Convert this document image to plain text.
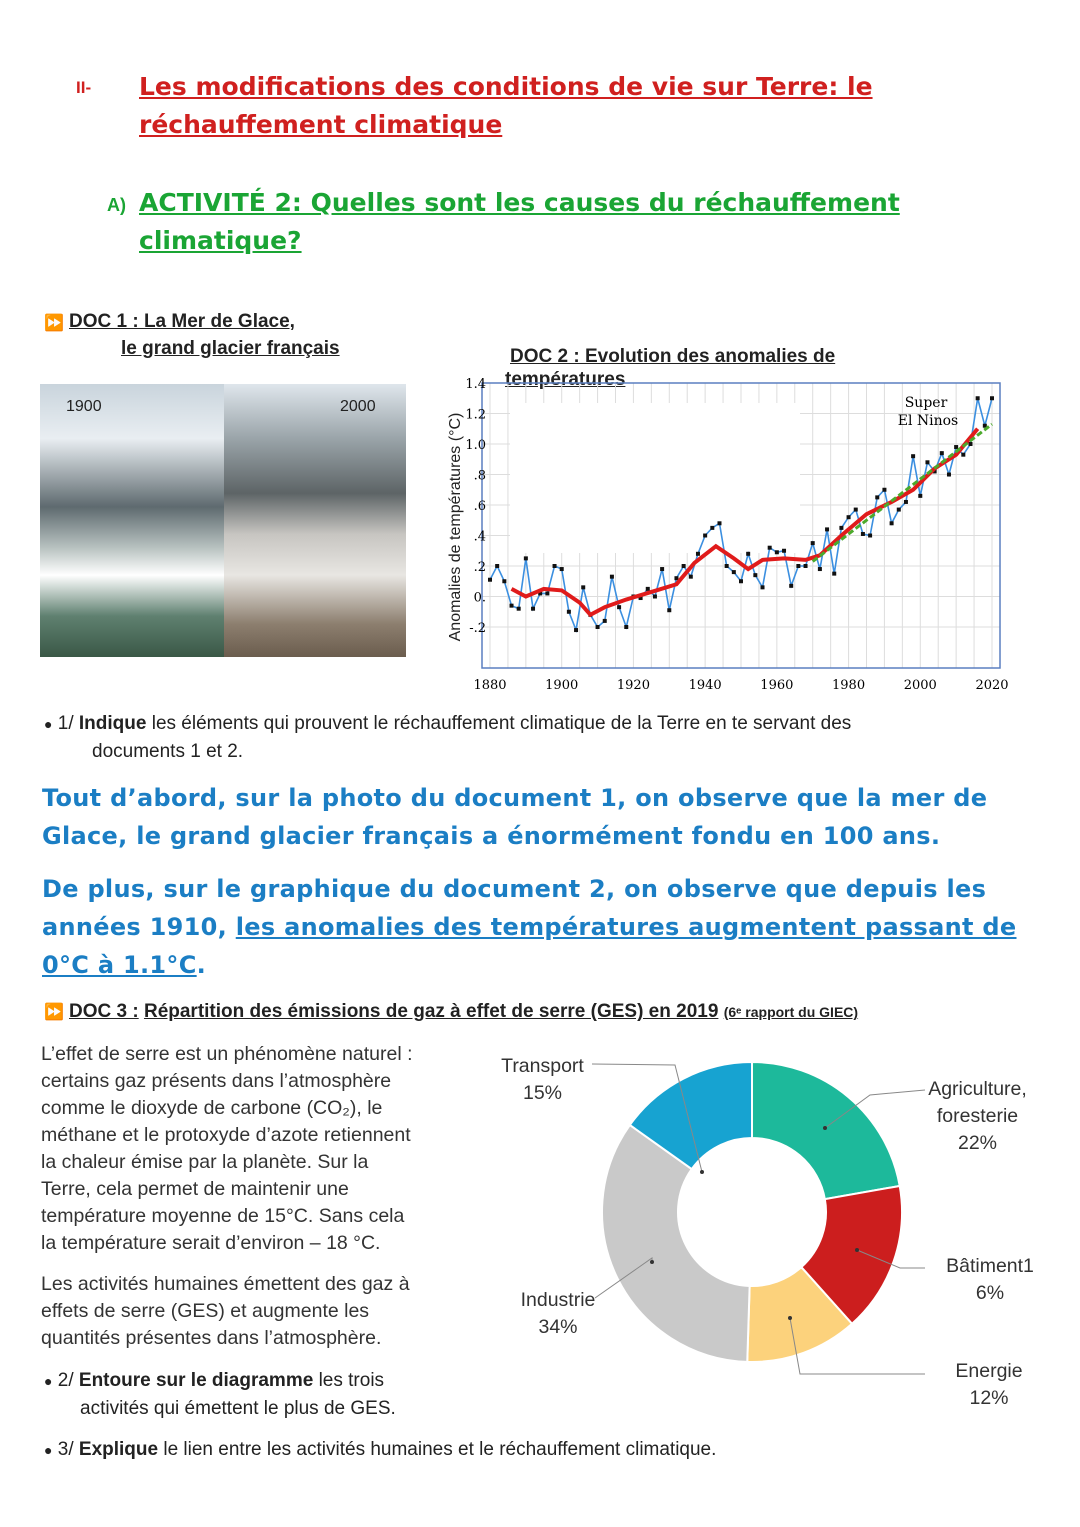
II- Les modifications des conditions de vie sur Terre: le
réchauffement climatique
A) ACTIVITÉ 2: Quelles sont les causes du réchauffement
climatique?
⏩ DOC 1 : La Mer de Glace,
le grand glacier français
1900	2000
DOC 2 : Evolution des anomalies de
températures
1.4
1.2
1.0
.8
.6
.4
.2
0.
-.2
1880	1900	1920	1940	1960	1980	2000	2020
Super
El Ninos
Anomalies de températures (°C)
● 1/ Indique les éléments qui prouvent le réchauffement climatique de la Terre en te servant des
documents 1 et 2.
Tout d’abord, sur la photo du document 1, on observe que la mer de
Glace, le grand glacier français a énormément fondu en 100 ans.
De plus, sur le graphique du document 2, on observe que depuis les
années 1910, les anomalies des températures augmentent passant de
0°C à 1.1°C.
⏩ DOC 3 : Répartition des émissions de gaz à effet de serre (GES) en 2019 (6ᵉ rapport du GIEC)
L’effet de serre est un phénomène naturel :
certains gaz présents dans l’atmosphère
comme le dioxyde de carbone (CO₂), le
méthane et le protoxyde d’azote retiennent
la chaleur émise par la planète. Sur la
Terre, cela permet de maintenir une
température moyenne de 15°C. Sans cela
la température serait d’environ – 18 °C.
Les activités humaines émettent des gaz à
effets de serre (GES) et augmente les
quantités présentes dans l’atmosphère.
● 2/ Entoure sur le diagramme les trois
activités qui émettent le plus de GES.
● 3/ Explique le lien entre les activités humaines et le réchauffement climatique.
Transport
15%	Agriculture,
foresterie
22%
Bâtiment1
6%
Energie
12%
Industrie
34%
